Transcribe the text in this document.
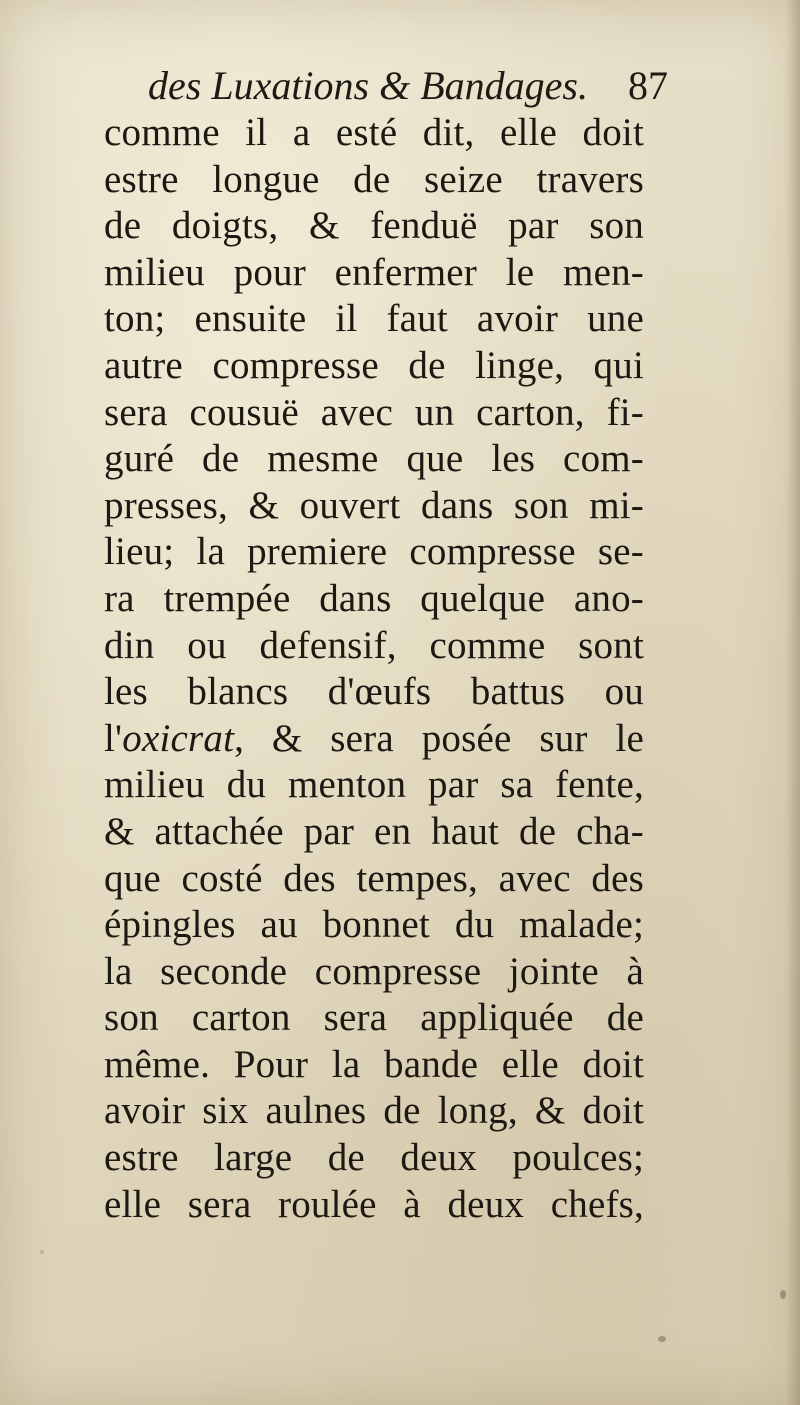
des Luxations & Bandages. 87
comme il a esté dit, elle doit
estre longue de seize travers
de doigts, & fenduë par son
milieu pour enfermer le men-
ton; ensuite il faut avoir une
autre compresse de linge, qui
sera cousuë avec un carton, fi-
guré de mesme que les com-
presses, & ouvert dans son mi-
lieu; la premiere compresse se-
ra trempée dans quelque ano-
din ou defensif, comme sont
les blancs d'œufs battus ou
l'oxicrat, & sera posée sur le
milieu du menton par sa fente,
& attachée par en haut de cha-
que costé des tempes, avec des
épingles au bonnet du malade;
la seconde compresse jointe à
son carton sera appliquée de
même. Pour la bande elle doit
avoir six aulnes de long, & doit
estre large de deux poulces;
elle sera roulée à deux chefs,
